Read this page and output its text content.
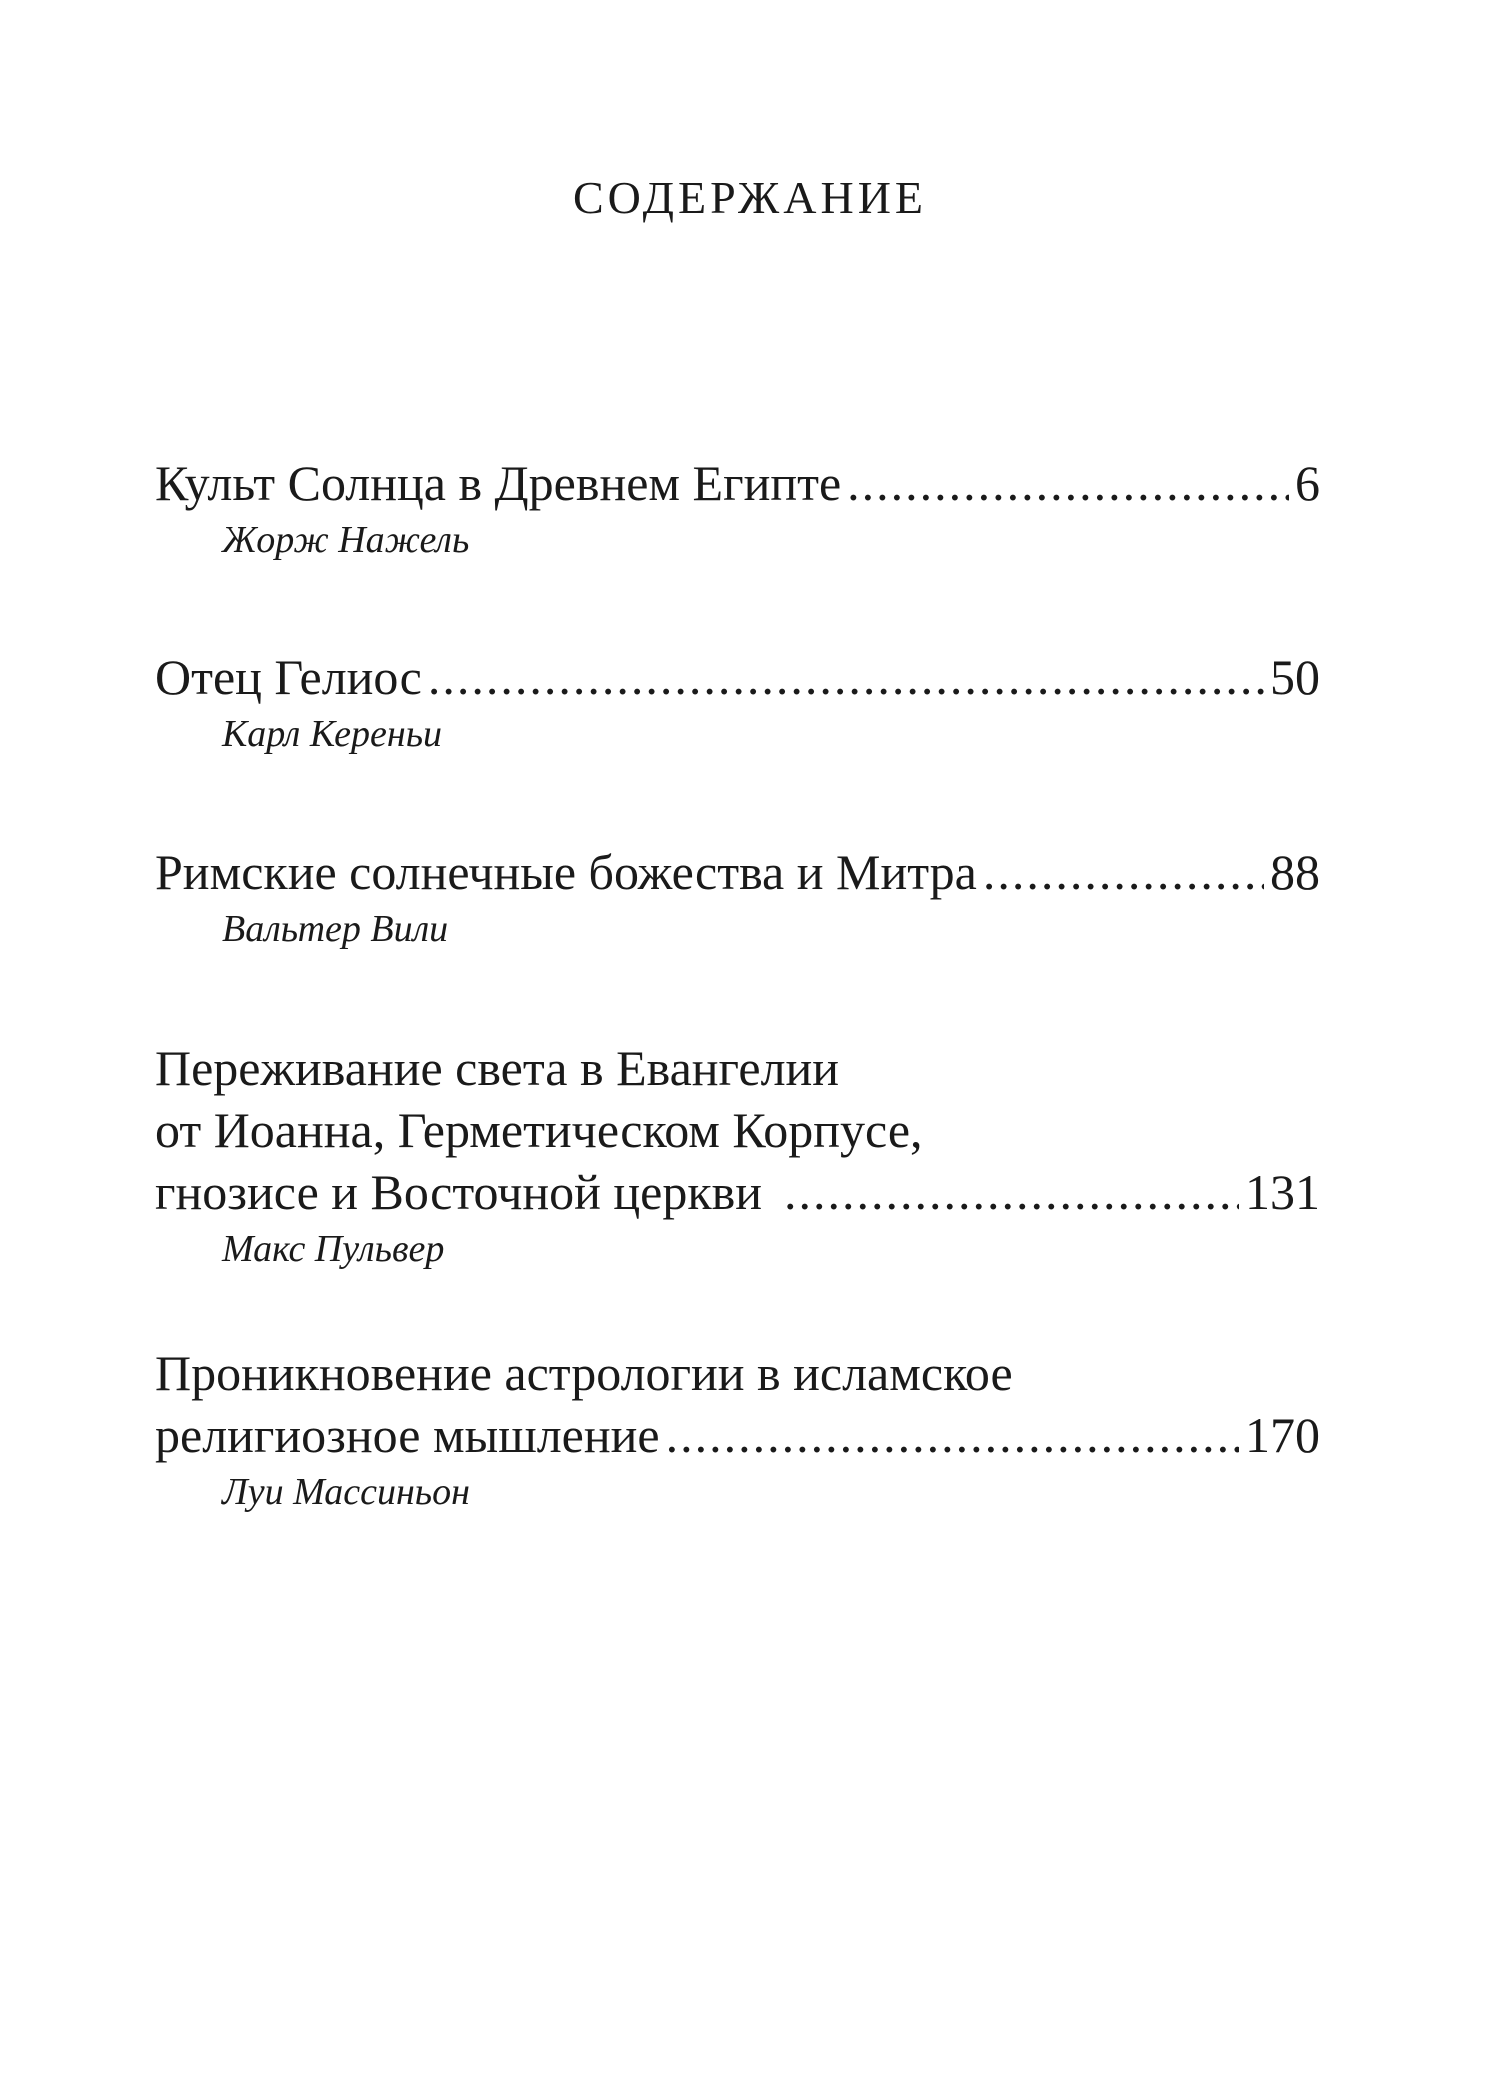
СОДЕРЖАНИЕ
Культ Солнца в Древнем Египте .....	6
Жорж Нажель
Отец Гелиос .....	50
Карл Кереньи
Римские солнечные божества и Митра .....	88
Вальтер Вили
Переживание света в Евангелии
от Иоанна, Герметическом Корпусе,
гнозисе и Восточной церкви .....	131
Макс Пульвер
Проникновение астрологии в исламское
религиозное мышление .....	170
Луи Массиньон
